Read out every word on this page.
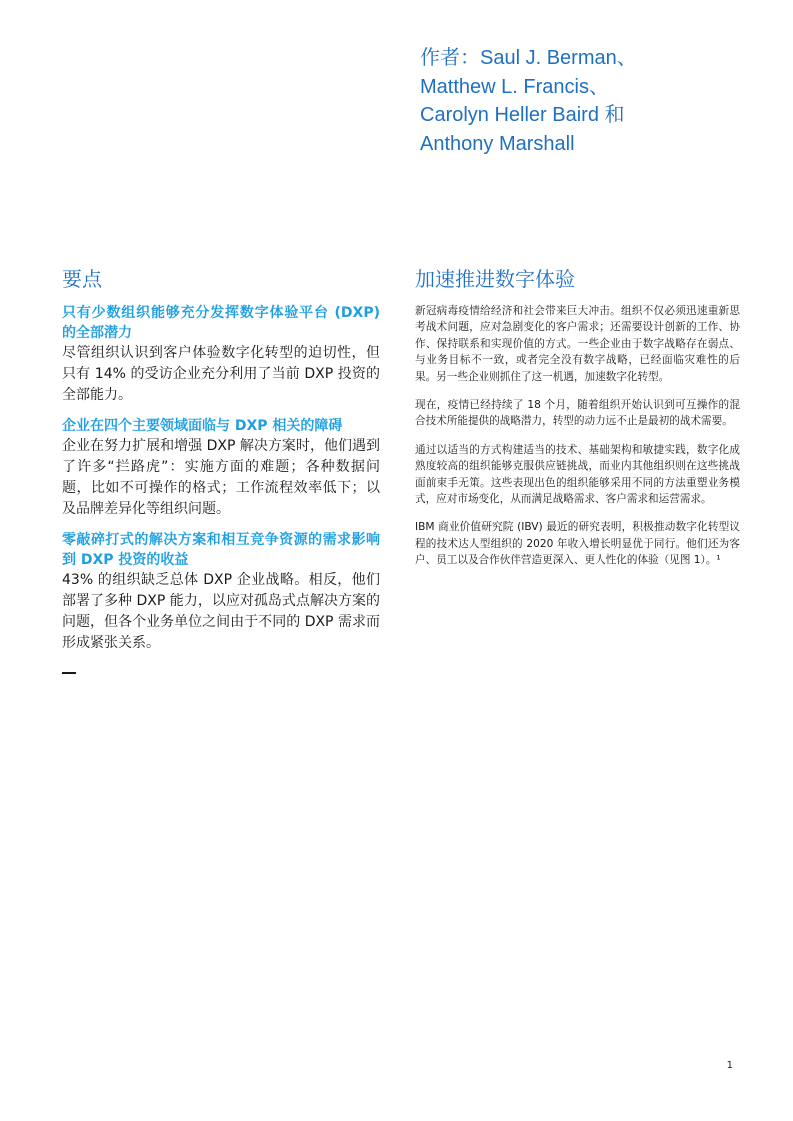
作者：Saul J. Berman、
Matthew L. Francis、
Carolyn Heller Baird 和
Anthony Marshall
要点
只有少数组织能够充分发挥数字体验平台 (DXP) 的全部潜力
尽管组织认识到客户体验数字化转型的迫切性，但只有 14% 的受访企业充分利用了当前 DXP 投资的全部能力。
企业在四个主要领域面临与 DXP 相关的障碍
企业在努力扩展和增强 DXP 解决方案时，他们遇到了许多“拦路虎”：实施方面的难题；各种数据问题，比如不可操作的格式；工作流程效率低下；以及品牌差异化等组织问题。
零敲碎打式的解决方案和相互竞争资源的需求影响到 DXP 投资的收益
43% 的组织缺乏总体 DXP 企业战略。相反，他们部署了多种 DXP 能力，以应对孤岛式点解决方案的问题，但各个业务单位之间由于不同的 DXP 需求而形成紧张关系。
加速推进数字体验

新冠病毒疫情给经济和社会带来巨大冲击。组织不仅必须迅速重新思考战术问题，应对急剧变化的客户需求；还需要设计创新的工作、协作、保持联系和实现价值的方式。一些企业由于数字战略存在弱点、与业务目标不一致，或者完全没有数字战略，已经面临灾难性的后果。另一些企业则抓住了这一机遇，加速数字化转型。

现在，疫情已经持续了 18 个月，随着组织开始认识到可互操作的混合技术所能提供的战略潜力，转型的动力远不止是最初的战术需要。

通过以适当的方式构建适当的技术、基础架构和敏捷实践，数字化成熟度较高的组织能够克服供应链挑战，而业内其他组织则在这些挑战面前束手无策。这些表现出色的组织能够采用不同的方法重塑业务模式，应对市场变化，从而满足战略需求、客户需求和运营需求。

IBM 商业价值研究院 (IBV) 最近的研究表明，积极推动数字化转型议程的技术达人型组织的 2020 年收入增长明显优于同行。他们还为客户、员工以及合作伙伴营造更深入、更人性化的体验（见图 1）。¹

1
